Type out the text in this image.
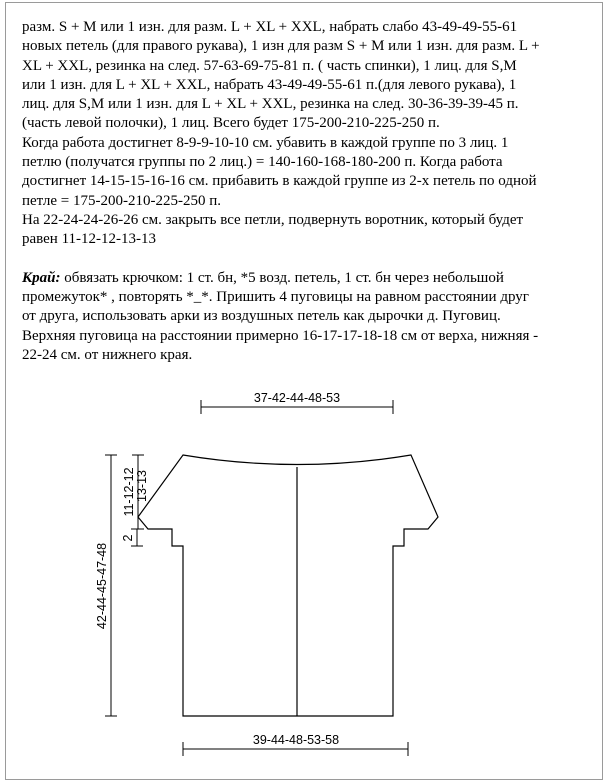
разм. S + M или 1 изн. для разм. L + XL + XXL, набрать слабо 43-49-49-55-61
новых петель (для правого рукава), 1 изн для разм S + M или 1 изн. для разм. L +
XL + XXL, резинка на след. 57-63-69-75-81 п. ( часть спинки), 1 лиц. для S,M
или 1 изн. для L + XL + XXL, набрать 43-49-49-55-61 п.(для левого рукава), 1
лиц. для S,M или 1 изн. для L + XL + XXL, резинка на след. 30-36-39-39-45 п.
(часть левой полочки), 1 лиц. Всего будет 175-200-210-225-250 п.
Когда работа достигнет 8-9-9-10-10 см. убавить в каждой группе по 3 лиц. 1
петлю (получатся группы по 2 лиц.) = 140-160-168-180-200 п. Когда работа
достигнет 14-15-15-16-16 см. прибавить в каждой группе из 2-х петель по одной
петле = 175-200-210-225-250 п.
На 22-24-24-26-26 см. закрыть все петли, подвернуть воротник, который будет
равен 11-12-12-13-13
Край: обвязать крючком: 1 ст. бн, *5 возд. петель, 1 ст. бн через небольшой
промежуток* , повторять *_*. Пришить 4 пуговицы на равном расстоянии друг
от друга, использовать арки из воздушных петель как дырочки д. Пуговиц.
Верхняя пуговица на расстоянии примерно 16-17-17-18-18 см от верха, нижняя -
22-24 см. от нижнего края.
37-42-44-48-53
42-44-45-47-48
11-12-12 13-13
2
39-44-48-53-58
